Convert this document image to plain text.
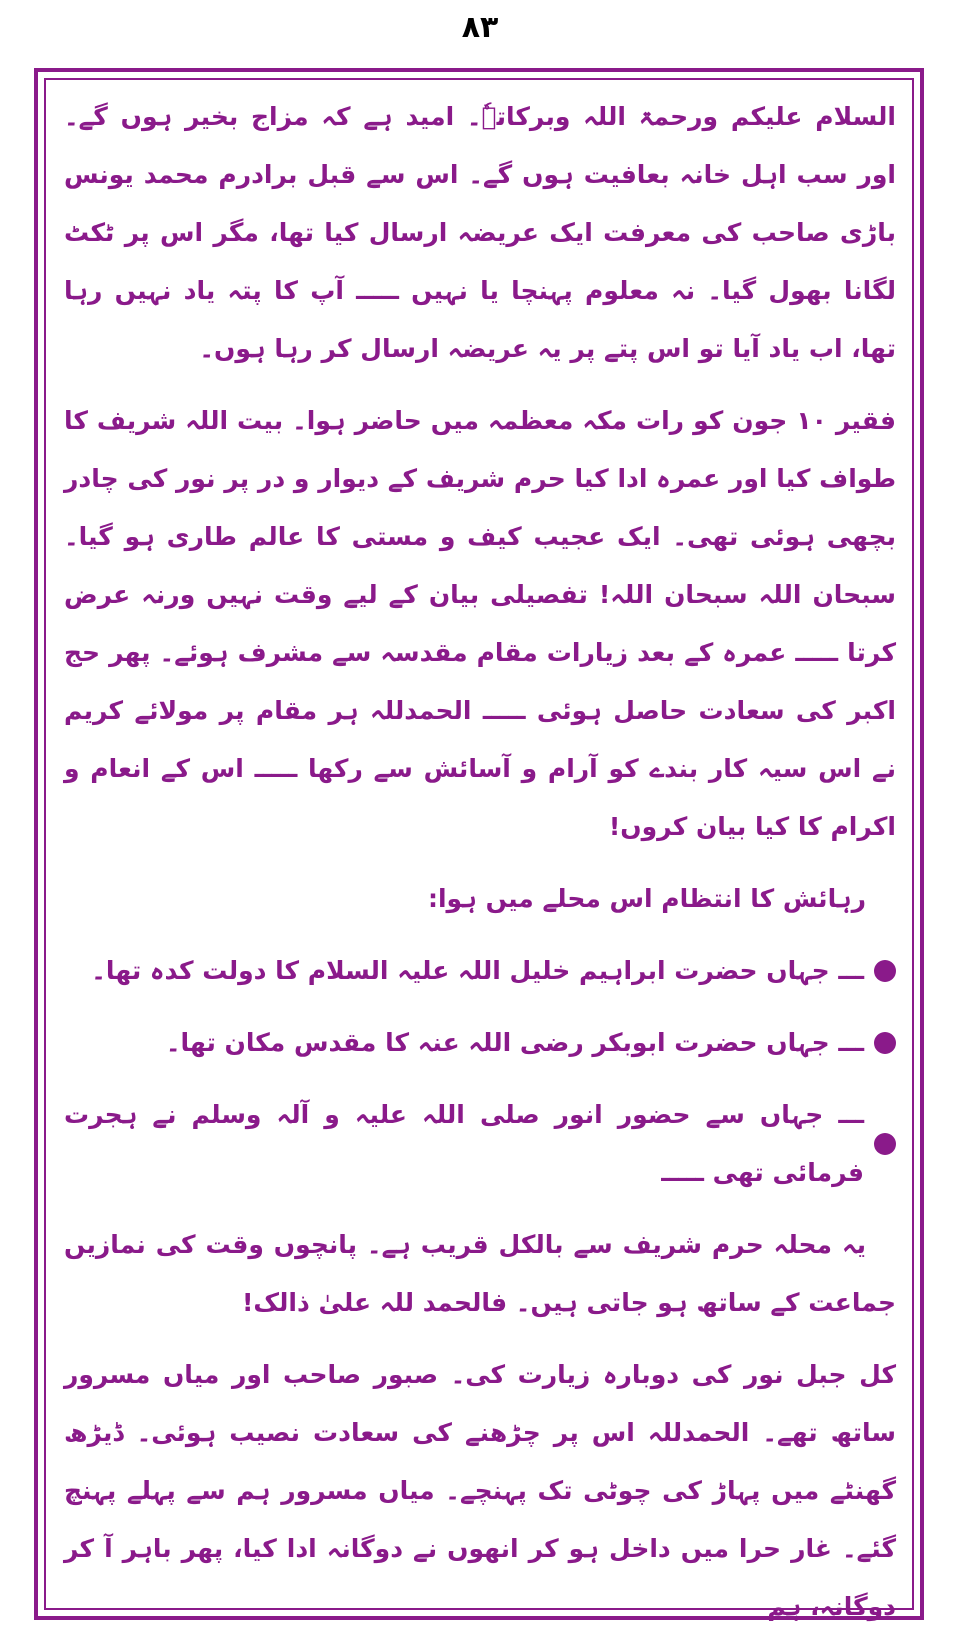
۸۳

السلام علیکم ورحمۃ اللہ وبرکاتہٗ۔ امید ہے کہ مزاج بخیر ہوں گے۔ اور سب اہل خانہ بعافیت ہوں گے۔ اس سے قبل برادرم محمد یونس باڑی صاحب کی معرفت ایک عریضہ ارسال کیا تھا، مگر اس پر ٹکٹ لگانا بھول گیا۔ نہ معلوم پہنچا یا نہیں ـــــ آپ کا پتہ یاد نہیں رہا تھا، اب یاد آیا تو اس پتے پر یہ عریضہ ارسال کر رہا ہوں۔

فقیر ۱۰ جون کو رات مکہ معظمہ میں حاضر ہوا۔ بیت اللہ شریف کا طواف کیا اور عمرہ ادا کیا حرم شریف کے دیوار و در پر نور کی چادر بچھی ہوئی تھی۔ ایک عجیب کیف و مستی کا عالم طاری ہو گیا۔ سبحان اللہ سبحان اللہ! تفصیلی بیان کے لیے وقت نہیں ورنہ عرض کرتا ـــــ عمرہ کے بعد زیارات مقام مقدسہ سے مشرف ہوئے۔ پھر حج اکبر کی سعادت حاصل ہوئی ـــــ الحمدللہ ہر مقام پر مولائے کریم نے اس سیہ کار بندے کو آرام و آسائش سے رکھا ـــــ اس کے انعام و اکرام کا کیا بیان کروں!

رہائش کا انتظام اس محلے میں ہوا:

ـــ جہاں حضرت ابراہیم خلیل اللہ علیہ السلام کا دولت کدہ تھا۔
ـــ جہاں حضرت ابوبکر رضی اللہ عنہ کا مقدس مکان تھا۔
ـــ جہاں سے حضور انور صلی اللہ علیہ و آلہ وسلم نے ہجرت فرمائی تھی ـــــ

یہ محلہ حرم شریف سے بالکل قریب ہے۔ پانچوں وقت کی نمازیں جماعت کے ساتھ ہو جاتی ہیں۔ فالحمد للہ علیٰ ذالک!

کل جبل نور کی دوبارہ زیارت کی۔ صبور صاحب اور میاں مسرور ساتھ تھے۔ الحمدللہ اس پر چڑھنے کی سعادت نصیب ہوئی۔ ڈیڑھ گھنٹے میں پہاڑ کی چوٹی تک پہنچے۔ میاں مسرور ہم سے پہلے پہنچ گئے۔ غار حرا میں داخل ہو کر انھوں نے دوگانہ ادا کیا، پھر باہر آ کر دوگانہ، ہم
